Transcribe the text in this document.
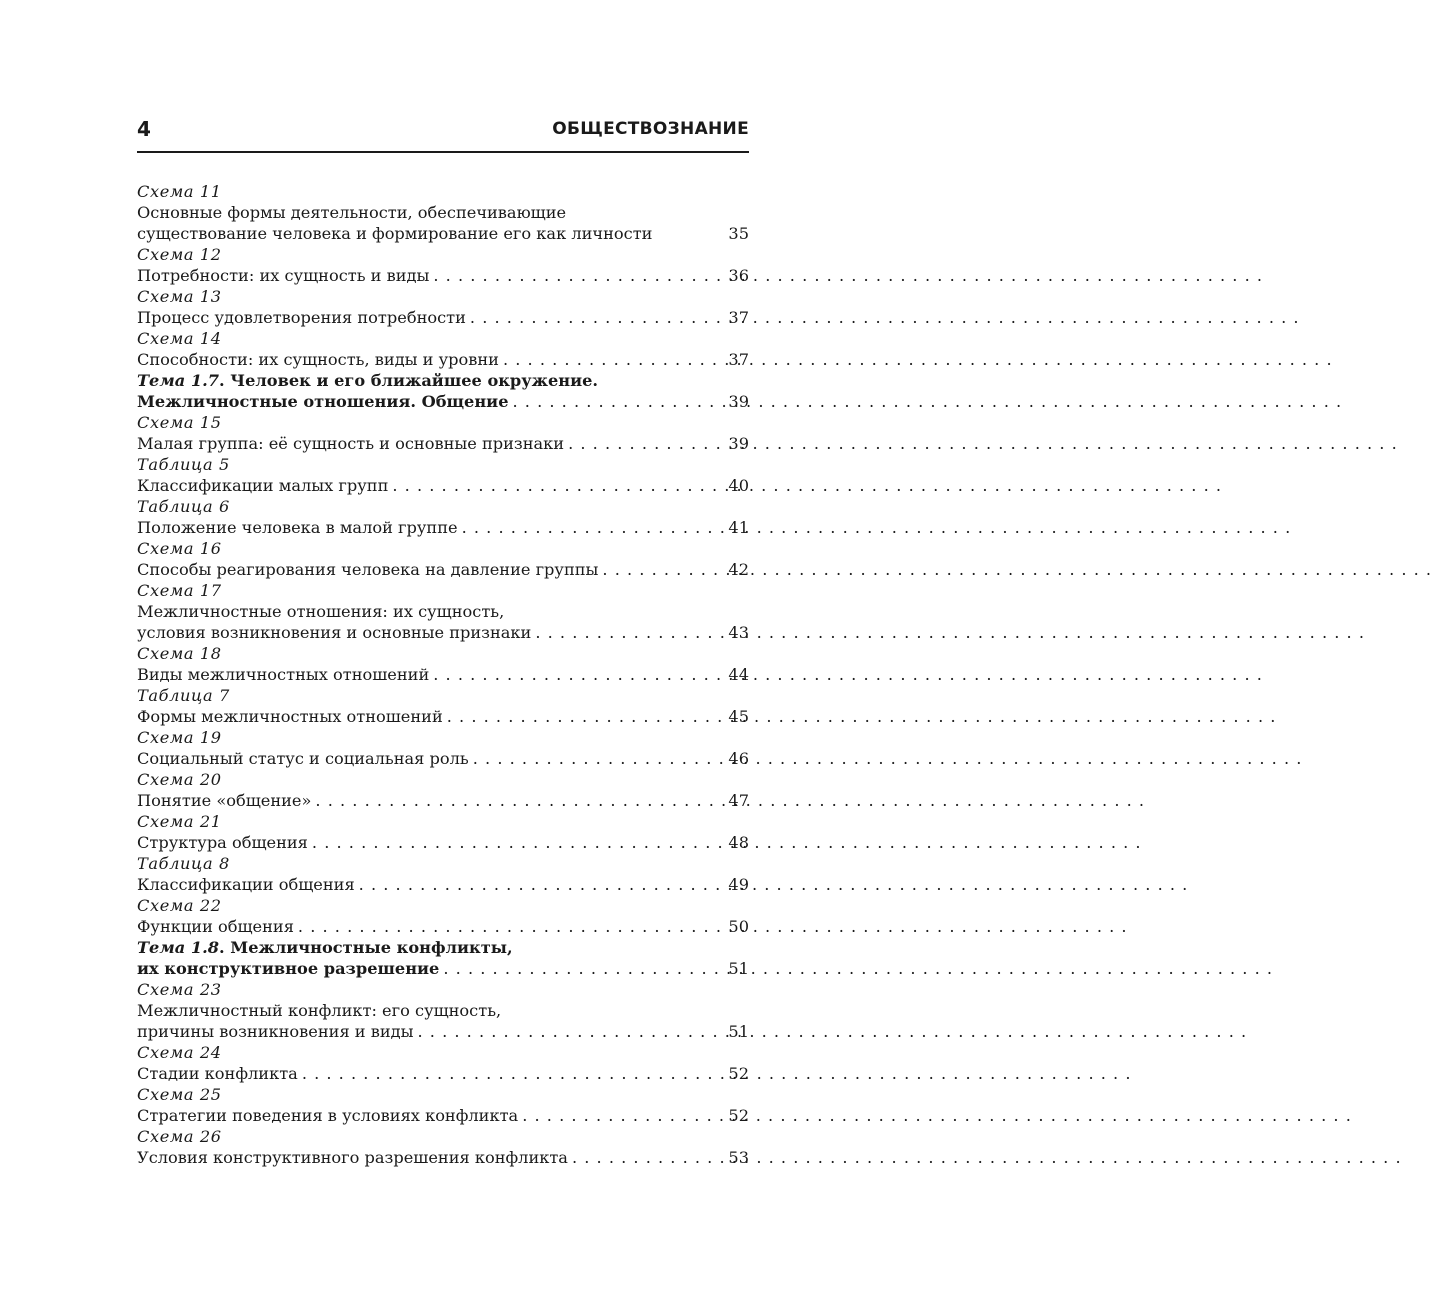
4	ОБЩЕСТВОЗНАНИЕ
Схема 11
Основные формы деятельности, обеспечивающие
существование человека и формирование его как личности	35
Схема 12
Потребности: их сущность и виды . . .	36
Схема 13
Процесс удовлетворения потребности . . .	37
Схема 14
Способности: их сущность, виды и уровни . . .	37
Тема 1.7 . Человек и его ближайшее окружение.
Межличностные отношения. Общение . . .	39
Схема 15
Малая группа: её сущность и основные признаки . . .	39
Таблица 5
Классификации малых групп . . .	40
Таблица 6
Положение человека в малой группе . . .	41
Схема 16
Способы реагирования человека на давление группы . . .	42
Схема 17
Межличностные отношения: их сущность,
условия возникновения и основные признаки . . .	43
Схема 18
Виды межличностных отношений . . .	44
Таблица 7
Формы межличностных отношений . . .	45
Схема 19
Социальный статус и социальная роль . . .	46
Схема 20
Понятие «общение» . . .	47
Схема 21
Структура общения . . .	48
Таблица 8
Классификации общения . . .	49
Схема 22
Функции общения . . .	50
Тема 1.8 . Межличностные конфликты,
их конструктивное разрешение . . .	51
Схема 23
Межличностный конфликт: его сущность,
причины возникновения и виды . . .	51
Схема 24
Стадии конфликта . . .	52
Схема 25
Стратегии поведения в условиях конфликта . . .	52
Схема 26
Условия конструктивного разрешения конфликта . . .	53
